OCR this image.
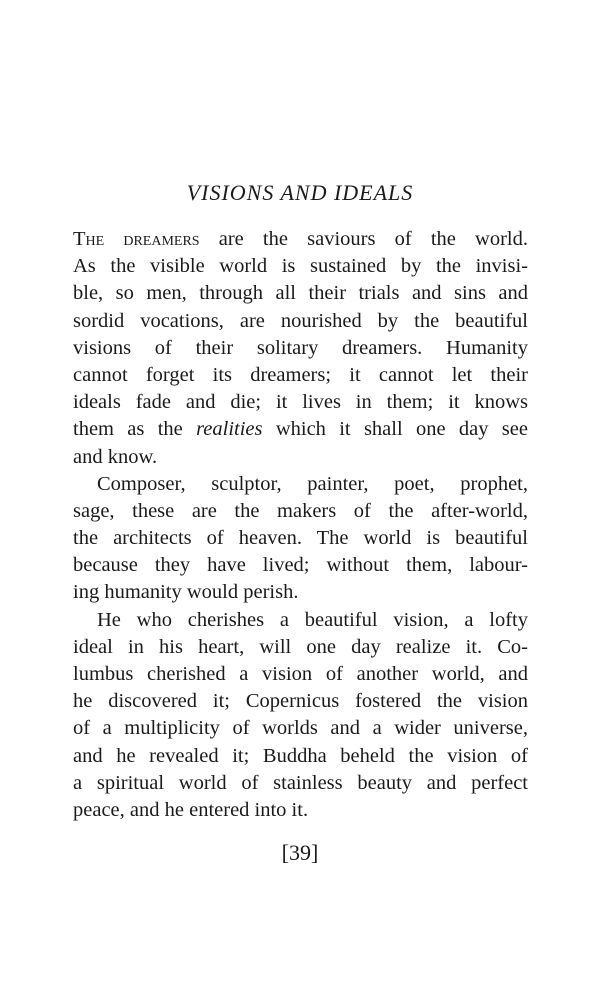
VISIONS AND IDEALS
The dreamers are the saviours of the world.
As the visible world is sustained by the invisi-
ble, so men, through all their trials and sins and
sordid vocations, are nourished by the beautiful
visions of their solitary dreamers. Humanity
cannot forget its dreamers; it cannot let their
ideals fade and die; it lives in them; it knows
them as the realities which it shall one day see
and know.
Composer, sculptor, painter, poet, prophet,
sage, these are the makers of the after-world,
the architects of heaven. The world is beautiful
because they have lived; without them, labour-
ing humanity would perish.
He who cherishes a beautiful vision, a lofty
ideal in his heart, will one day realize it. Co-
lumbus cherished a vision of another world, and
he discovered it; Copernicus fostered the vision
of a multiplicity of worlds and a wider universe,
and he revealed it; Buddha beheld the vision of
a spiritual world of stainless beauty and perfect
peace, and he entered into it.
[39]
